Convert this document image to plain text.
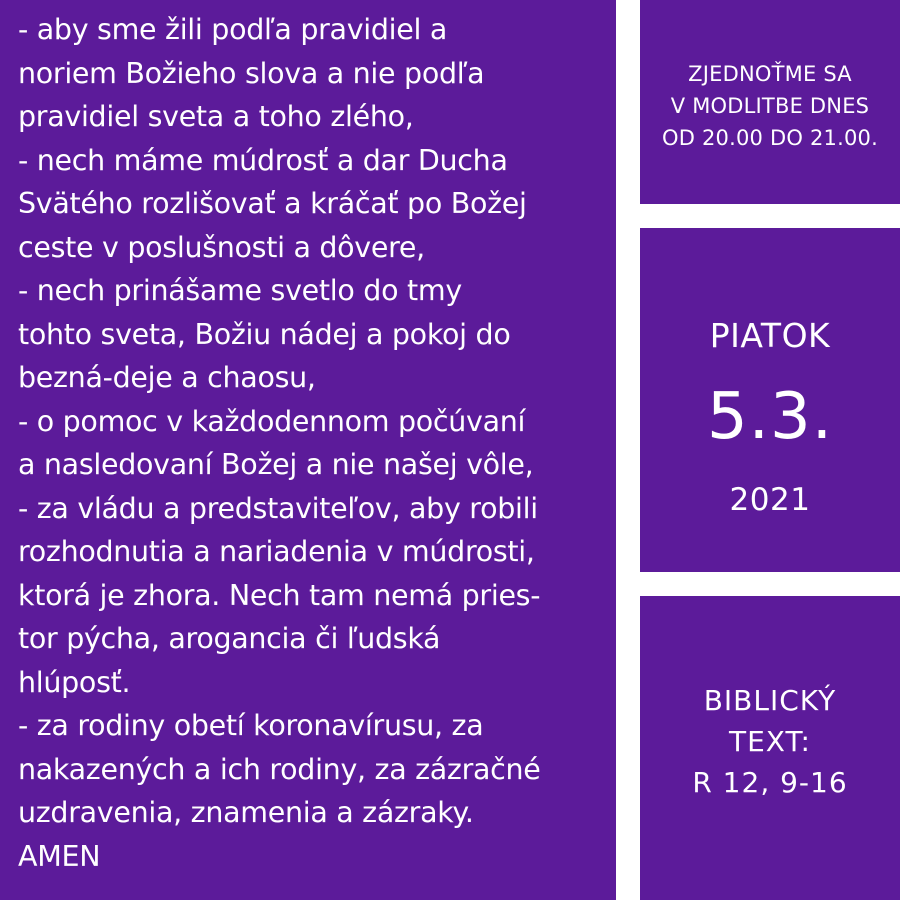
- aby sme žili podľa pravidiel a
noriem Božieho slova a nie podľa
pravidiel sveta a toho zlého,
- nech máme múdrosť a dar Ducha
Svätého rozlišovať a kráčať po Božej
ceste v poslušnosti a dôvere,
- nech prinášame svetlo do tmy
tohto sveta, Božiu nádej a pokoj do
bezná-deje a chaosu,
- o pomoc v každodennom počúvaní
a nasledovaní Božej a nie našej vôle,
- za vládu a predstaviteľov, aby robili
rozhodnutia a nariadenia v múdrosti,
ktorá je zhora. Nech tam nemá pries-
tor pýcha, arogancia či ľudská
hlúposť.
- za rodiny obetí koronavírusu, za
nakazených a ich rodiny, za zázračné
uzdravenia, znamenia a zázraky.
AMEN
ZJEDNOŤME SA
V MODLITBE DNES
OD 20.00 DO 21.00.
PIATOK
5.3.
2021
BIBLICKÝ
TEXT:
R 12, 9-16
